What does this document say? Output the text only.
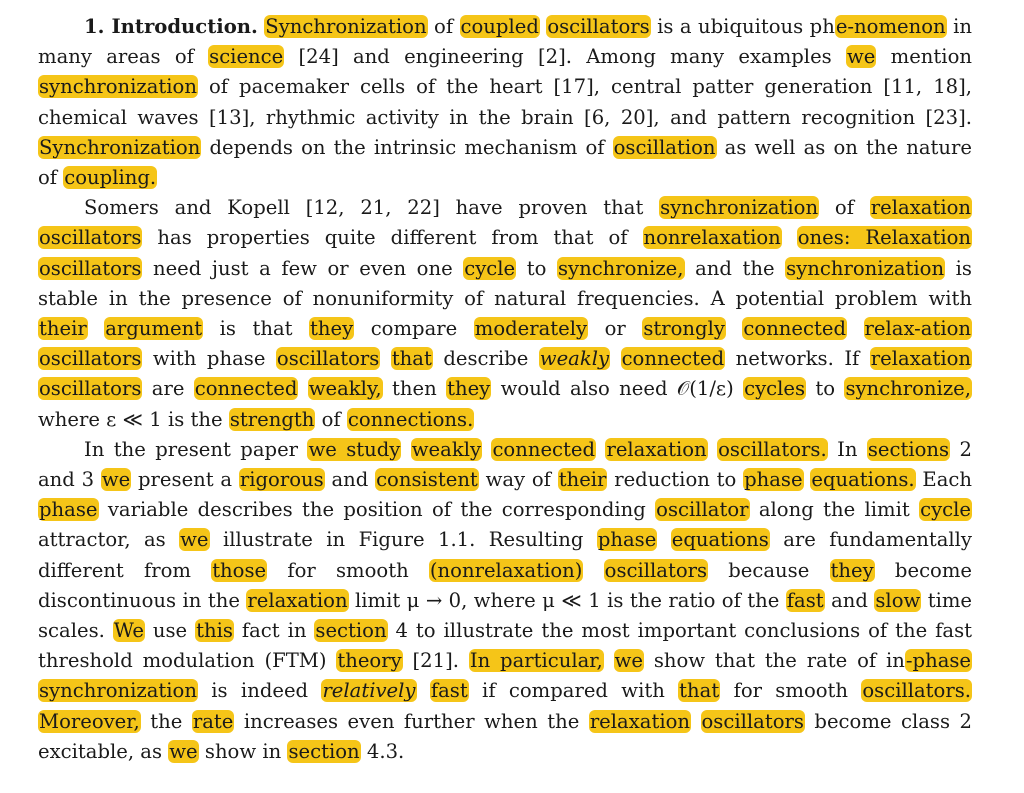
1. Introduction. Synchronization of coupled oscillators is a ubiquitous phe-nomenon in many areas of science [24] and engineering [2]. Among many examples we mention synchronization of pacemaker cells of the heart [17], central patter generation [11, 18], chemical waves [13], rhythmic activity in the brain [6, 20], and pattern recognition [23]. Synchronization depends on the intrinsic mechanism of oscillation as well as on the nature of coupling.

Somers and Kopell [12, 21, 22] have proven that synchronization of relaxation oscillators has properties quite different from that of nonrelaxation ones: Relaxation oscillators need just a few or even one cycle to synchronize, and the synchronization is stable in the presence of nonuniformity of natural frequencies. A potential problem with their argument is that they compare moderately or strongly connected relax-ation oscillators with phase oscillators that describe weakly connected networks. If relaxation oscillators are connected weakly, then they would also need 𝒪(1/ε) cycles to synchronize, where ε ≪ 1 is the strength of connections.

In the present paper we study weakly connected relaxation oscillators. In sections 2 and 3 we present a rigorous and consistent way of their reduction to phase equations. Each phase variable describes the position of the corresponding oscillator along the limit cycle attractor, as we illustrate in Figure 1.1. Resulting phase equations are fundamentally different from those for smooth (nonrelaxation) oscillators because they become discontinuous in the relaxation limit μ → 0, where μ ≪ 1 is the ratio of the fast and slow time scales. We use this fact in section 4 to illustrate the most important conclusions of the fast threshold modulation (FTM) theory [21]. In particular, we show that the rate of in-phase synchronization is indeed relatively fast if compared with that for smooth oscillators. Moreover, the rate increases even further when the relaxation oscillators become class 2 excitable, as we show in section 4.3.
